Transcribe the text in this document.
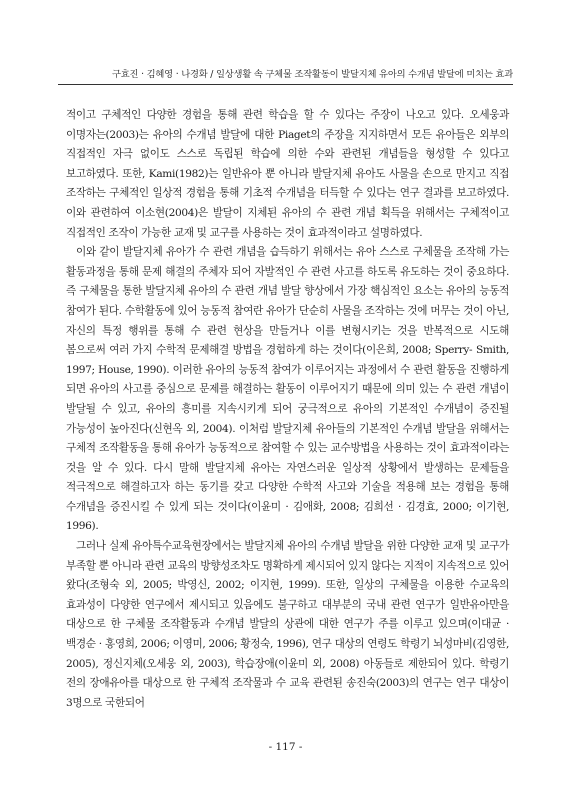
구효진 · 김혜영 · 나경화 / 일상생활 속 구체물 조작활동이 발달지체 유아의 수개념 발달에 미치는 효과

적이고 구체적인 다양한 경험을 통해 관련 학습을 할 수 있다는 주장이 나오고 있다. 오세웅과 이명자는(2003)는 유아의 수개념 발달에 대한 Piaget의 주장을 지지하면서 모든 유아들은 외부의 직접적인 자극 없이도 스스로 독립된 학습에 의한 수와 관련된 개념들을 형성할 수 있다고 보고하였다. 또한, Kami(1982)는 일반유아 뿐 아니라 발달지체 유아도 사물을 손으로 만지고 직접 조작하는 구체적인 일상적 경험을 통해 기초적 수개념을 터득할 수 있다는 연구 결과를 보고하였다. 이와 관련하여 이소현(2004)은 발달이 지체된 유아의 수 관련 개념 획득을 위해서는 구체적이고 직접적인 조작이 가능한 교재 및 교구를 사용하는 것이 효과적이라고 설명하였다.

이와 같이 발달지체 유아가 수 관련 개념을 습득하기 위해서는 유아 스스로 구체물을 조작해 가는 활동과정을 통해 문제 해결의 주체자 되어 자발적인 수 관련 사고를 하도록 유도하는 것이 중요하다. 즉 구체물을 통한 발달지체 유아의 수 관련 개념 발달 향상에서 가장 핵심적인 요소는 유아의 능동적 참여가 된다. 수학활동에 있어 능동적 참여란 유아가 단순히 사물을 조작하는 것에 머무는 것이 아닌, 자신의 특정 행위를 통해 수 관련 현상을 만들거나 이를 변형시키는 것을 반복적으로 시도해 봄으로써 여러 가지 수학적 문제해결 방법을 경험하게 하는 것이다(이은희, 2008; Sperry- Smith, 1997; House, 1990). 이러한 유아의 능동적 참여가 이루어지는 과정에서 수 관련 활동을 진행하게 되면 유아의 사고를 중심으로 문제를 해결하는 활동이 이루어지기 때문에 의미 있는 수 관련 개념이 발달될 수 있고, 유아의 흥미를 지속시키게 되어 궁극적으로 유아의 기본적인 수개념이 증진될 가능성이 높아진다(신현옥 외, 2004). 이처럼 발달지체 유아들의 기본적인 수개념 발달을 위해서는 구체적 조작활동을 통해 유아가 능동적으로 참여할 수 있는 교수방법을 사용하는 것이 효과적이라는 것을 알 수 있다. 다시 말해 발달지체 유아는 자연스러운 일상적 상황에서 발생하는 문제들을 적극적으로 해결하고자 하는 동기를 갖고 다양한 수학적 사고와 기술을 적용해 보는 경험을 통해 수개념을 증진시킬 수 있게 되는 것이다(이윤미 · 김애화, 2008; 김희선 · 김경효, 2000; 이기현, 1996).

그러나 실제 유아특수교육현장에서는 발달지체 유아의 수개념 발달을 위한 다양한 교재 및 교구가 부족할 뿐 아니라 관련 교육의 방향성조차도 명확하게 제시되어 있지 않다는 지적이 지속적으로 있어 왔다(조형숙 외, 2005; 박영신, 2002; 이지현, 1999). 또한, 일상의 구체물을 이용한 수교육의 효과성이 다양한 연구에서 제시되고 있음에도 불구하고 대부분의 국내 관련 연구가 일반유아만을 대상으로 한 구체물 조작활동과 수개념 발달의 상관에 대한 연구가 주를 이루고 있으며(이대균 · 백경순 · 홍영희, 2006; 이영미, 2006; 황정숙, 1996), 연구 대상의 연령도 학령기 뇌성마비(김영한, 2005), 정신지체(오세웅 외, 2003), 학습장애(이윤미 외, 2008) 아동들로 제한되어 있다. 학령기 전의 장애유아를 대상으로 한 구체적 조작물과 수 교육 관련된 송진숙(2003)의 연구는 연구 대상이 3명으로 국한되어

- 117 -
